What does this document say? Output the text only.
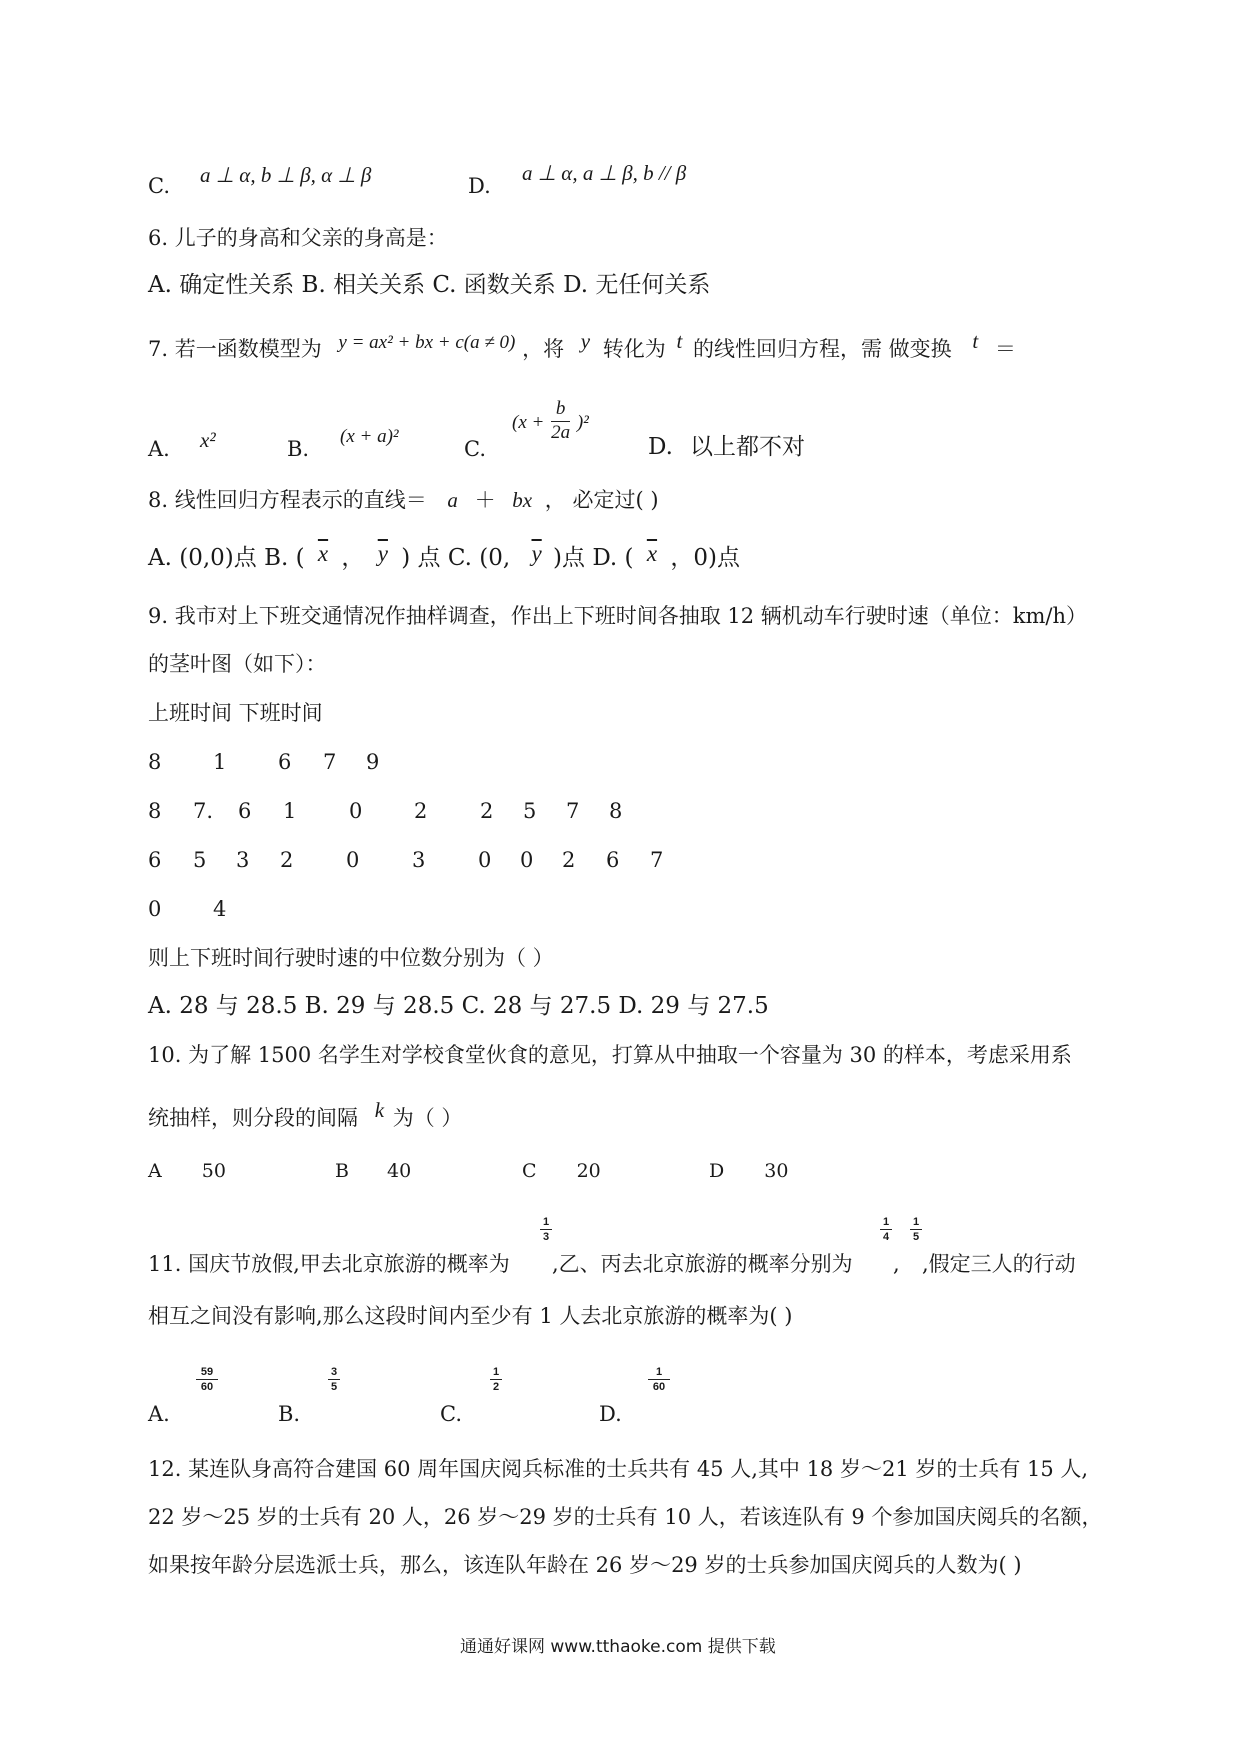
C. a ⊥ α, b ⊥ β, α ⊥ β	D.
a ⊥ α, a ⊥ β, b // β
6. 儿子的身高和父亲的身高是：
A. 确定性关系 B. 相关关系 C. 函数关系 D. 无任何关系
7. 若一函数模型为 y = ax² + bx + c(a ≠ 0) ，将 y 转化为 t 的线性回归方程，需 做变换 t ＝
A. x²	B.
(x + a)²
C.
$(x + \frac{b}{2a} )^2$
D. 以上都不对
8. 线性回归方程表示的直线＝ a ＋ bx ， 必定过( )
A. (0,0)点 B. ( $\overline{x}$ ， $\overline{y}$ ) 点 C. (0, $\overline{y}$ )点 D. ( $\overline{x}$ ，0)点
9. 我市对上下班交通情况作抽样调查，作出上下班时间各抽取 12 辆机动车行驶时速（单位：km/h）
的茎叶图（如下）：
上班时间 下班时间
8 1 6 7 9
8 7. 6 1	0 2	2 5 7 8
6 5 3 2	0	3	0 0 2 6 7
0 4
则上下班时间行驶时速的中位数分别为（ ）
A. 28 与 28.5 B. 29 与 28.5 C. 28 与 27.5 D. 29 与 27.5
10. 为了解 1500 名学生对学校食堂伙食的意见，打算从中抽取一个容量为 30 的样本，考虑采用系
统抽样，则分段的间隔 k 为（ ）
A 50	B 40	C 20	D 30
11. 国庆节放假,甲去北京旅游的概率为
1
3
,乙、丙去北京旅游的概率分别为
1
4
,
1
5
,假定三人的行动
相互之间没有影响,那么这段时间内至少有 1 人去北京旅游的概率为( )
A.
59
60
B.
3
5
C.
1
2
D.
1
60
12. 某连队身高符合建国 60 周年国庆阅兵标准的士兵共有 45 人,其中 18 岁～21 岁的士兵有 15 人,
22 岁～25 岁的士兵有 20 人，26 岁～29 岁的士兵有 10 人，若该连队有 9 个参加国庆阅兵的名额，
如果按年龄分层选派士兵，那么，该连队年龄在 26 岁～29 岁的士兵参加国庆阅兵的人数为( )
通通好课网 www.tthaoke.com 提供下载
